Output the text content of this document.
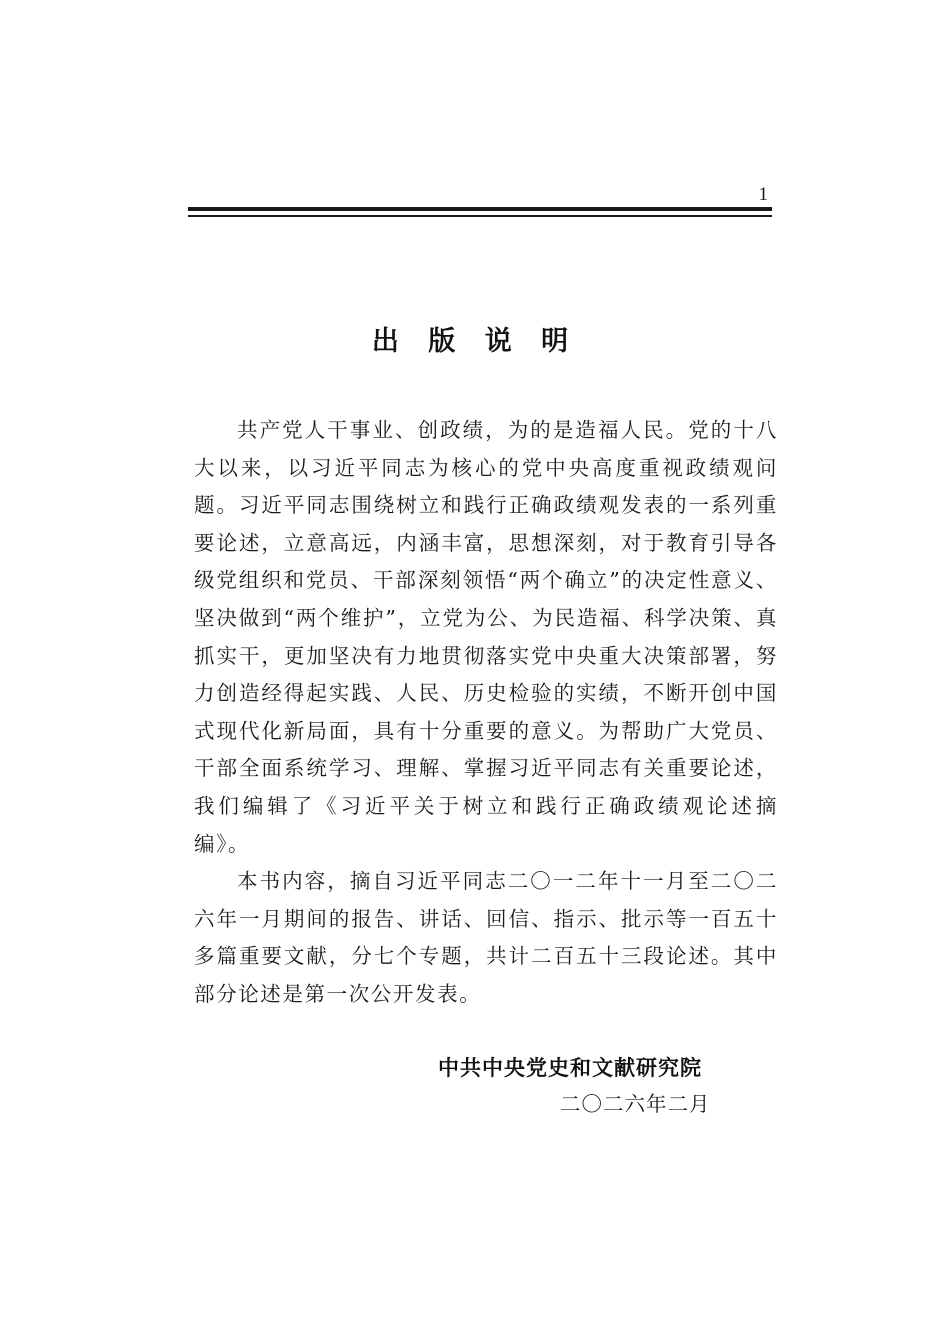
1
出 版 说 明

共产党人干事业、创政绩，为的是造福人民。党的十八大以来，以习近平同志为核心的党中央高度重视政绩观问题。习近平同志围绕树立和践行正确政绩观发表的一系列重要论述，立意高远，内涵丰富，思想深刻，对于教育引导各级党组织和党员、干部深刻领悟“两个确立”的决定性意义、坚决做到“两个维护”，立党为公、为民造福、科学决策、真抓实干，更加坚决有力地贯彻落实党中央重大决策部署，努力创造经得起实践、人民、历史检验的实绩，不断开创中国式现代化新局面，具有十分重要的意义。为帮助广大党员、干部全面系统学习、理解、掌握习近平同志有关重要论述，我们编辑了《习近平关于树立和践行正确政绩观论述摘编》。

本书内容，摘自习近平同志二〇一二年十一月至二〇二六年一月期间的报告、讲话、回信、指示、批示等一百五十多篇重要文献，分七个专题，共计二百五十三段论述。其中部分论述是第一次公开发表。

中共中央党史和文献研究院
二〇二六年二月
